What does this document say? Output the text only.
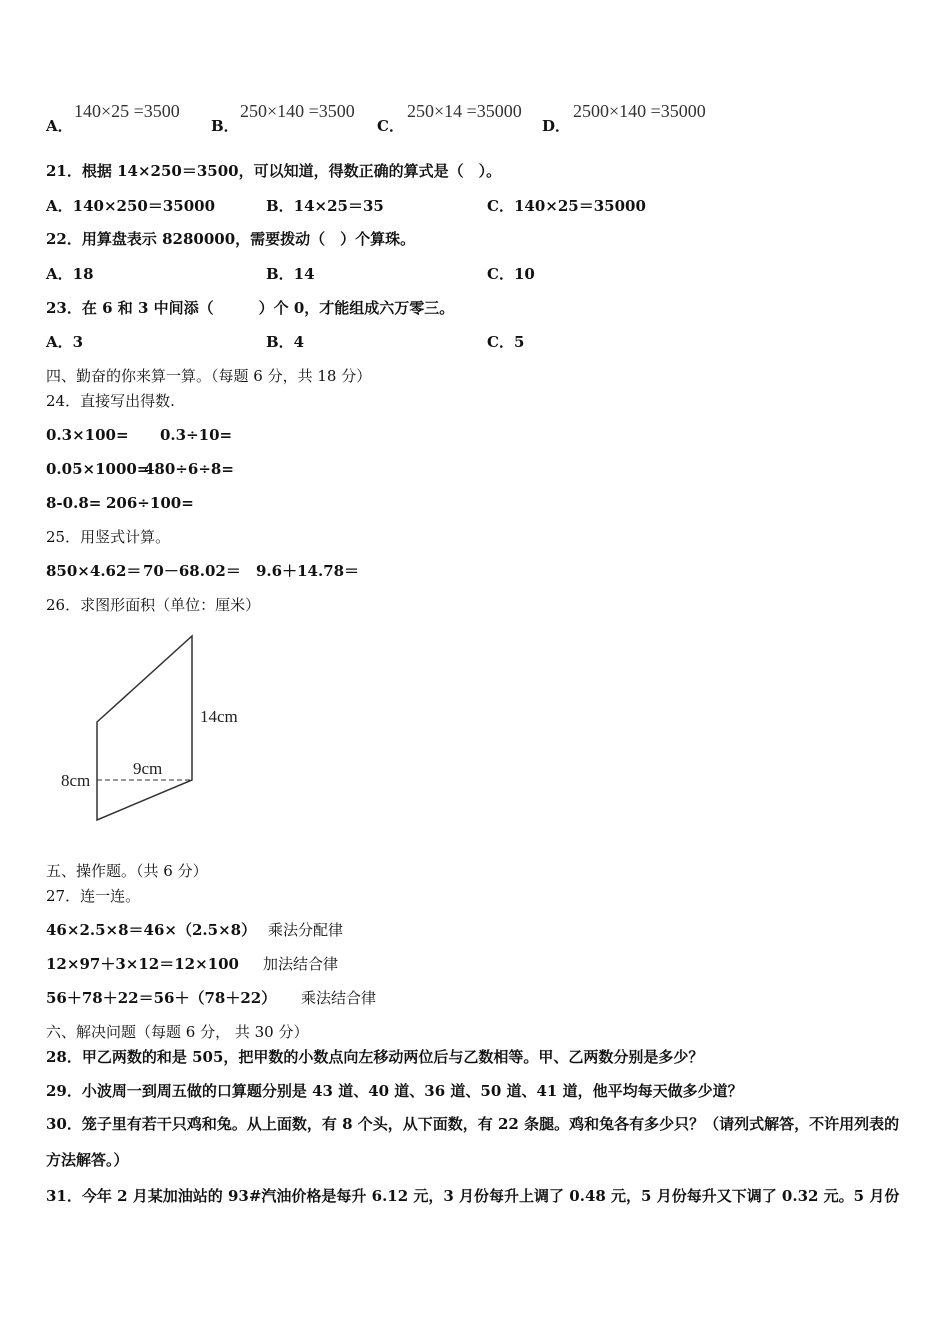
A．
140×25 =3500
B．
250×140 =3500
C．
250×14 =35000
D．
2500×140 =35000
21．根据 14×250＝3500，可以知道，得数正确的算式是（　）。
A．140×250＝35000	B．14×25＝35	C．140×25＝35000
22．用算盘表示 8280000，需要拨动（　）个算珠。
A．18	B．14	C．10
23．在 6 和 3 中间添（　　　）个 0，才能组成六万零三。
A．3	B．4	C．5
四、勤奋的你来算一算。（每题 6 分，共 18 分）
24．直接写出得数.
0.3×100= 0.3÷10=
0.05×1000=
480÷6÷8=
8-0.8= 206÷100=
25．用竖式计算。
850×4.62＝ 70－68.02＝ 9.6＋14.78＝
26．求图形面积（单位：厘米）
14cm
9cm
8cm
五、操作题。（共 6 分）
27．连一连。
46×2.5×8＝46×（2.5×8） 乘法分配律
12×97＋3×12＝12×100 加法结合律
56＋78＋22＝56＋（78＋22） 乘法结合律
六、解决问题（每题 6 分， 共 30 分）
28．甲乙两数的和是 505，把甲数的小数点向左移动两位后与乙数相等。甲、乙两数分别是多少？
29．小波周一到周五做的口算题分别是 43 道、40 道、36 道、50 道、41 道，他平均每天做多少道？
30．笼子里有若干只鸡和兔。从上面数，有 8 个头，从下面数，有 22 条腿。鸡和兔各有多少只？（请列式解答，不许用列表的方法解答。）
31．今年 2 月某加油站的 93#汽油价格是每升 6.12 元，3 月份每升上调了 0.48 元，5 月份每升又下调了 0.32 元。5 月份
